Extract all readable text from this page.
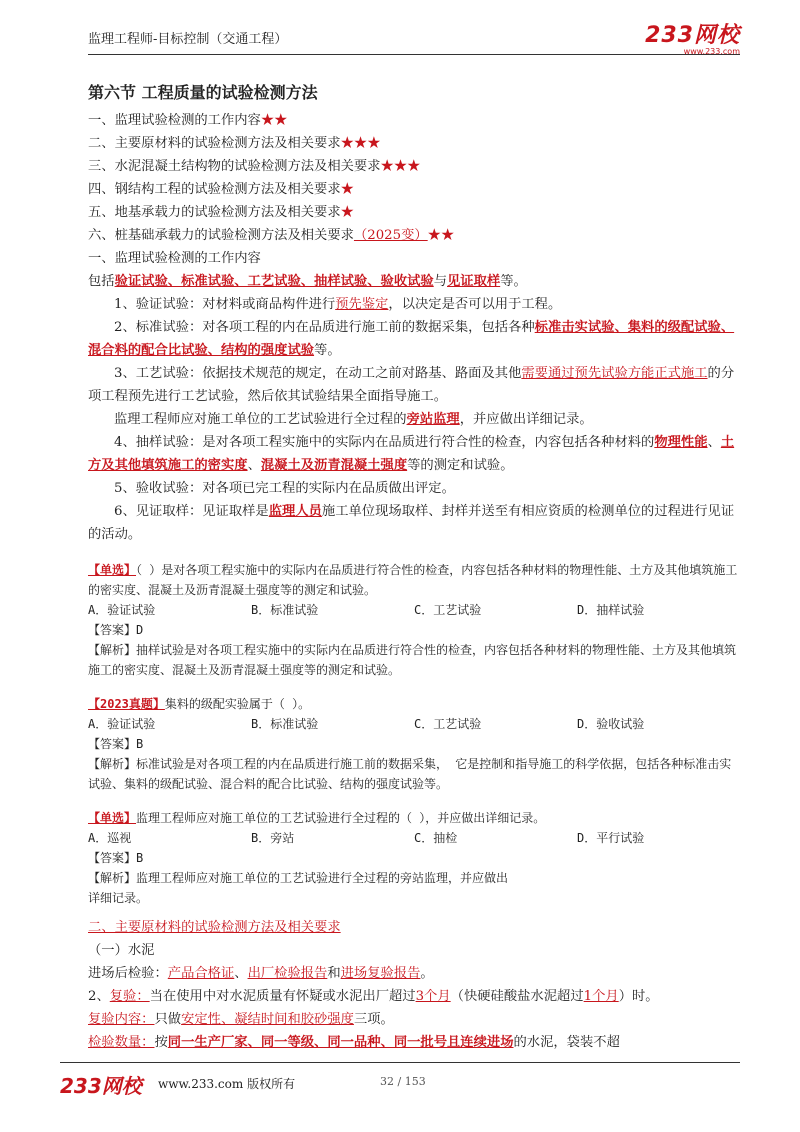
监理工程师-目标控制（交通工程）	233网校
www.233.com
第六节 工程质量的试验检测方法
一、监理试验检测的工作内容★★
二、主要原材料的试验检测方法及相关要求★★★
三、水泥混凝土结构物的试验检测方法及相关要求★★★
四、钢结构工程的试验检测方法及相关要求★
五、地基承载力的试验检测方法及相关要求★
六、桩基础承载力的试验检测方法及相关要求（2025变）★★
一、监理试验检测的工作内容
包括验证试验、标准试验、工艺试验、抽样试验、验收试验与见证取样等。

1、验证试验：对材料或商品构件进行预先鉴定，以决定是否可以用于工程。

2、标准试验：对各项工程的内在品质进行施工前的数据采集，包括各种标准击实试验、集料的级配试验、混合料的配合比试验、结构的强度试验等。

3、工艺试验：依据技术规范的规定，在动工之前对路基、路面及其他需要通过预先试验方能正式施工的分项工程预先进行工艺试验，然后依其试验结果全面指导施工。

监理工程师应对施工单位的工艺试验进行全过程的旁站监理，并应做出详细记录。

4、抽样试验：是对各项工程实施中的实际内在品质进行符合性的检查，内容包括各种材料的物理性能、土方及其他填筑施工的密实度、混凝土及沥青混凝土强度等的测定和试验。

5、验收试验：对各项已完工程的实际内在品质做出评定。

6、见证取样：见证取样是监理人员施工单位现场取样、封样并送至有相应资质的检测单位的过程进行见证的活动。

【单选】（ ）是对各项工程实施中的实际内在品质进行符合性的检查，内容包括各种材料的物理性能、土方及其他填筑施工的密实度、混凝土及沥青混凝土强度等的测定和试验。
A．验证试验	B．标准试验	C．工艺试验	D．抽样试验
【答案】D
【解析】抽样试验是对各项工程实施中的实际内在品质进行符合性的检查，内容包括各种材料的物理性能、土方及其他填筑施工的密实度、混凝土及沥青混凝土强度等的测定和试验。
【2023真题】集料的级配实验属于（ ）。
A．验证试验	B．标准试验	C．工艺试验	D．验收试验
【答案】B
【解析】标准试验是对各项工程的内在品质进行施工前的数据采集， 它是控制和指导施工的科学依据，包括各种标准击实试验、集料的级配试验、混合料的配合比试验、结构的强度试验等。
【单选】监理工程师应对施工单位的工艺试验进行全过程的（ ），并应做出详细记录。
A．巡视	B．旁站	C．抽检	D．平行试验
【答案】B
【解析】监理工程师应对施工单位的工艺试验进行全过程的旁站监理，并应做出详细记录。
二、主要原材料的试验检测方法及相关要求
（一）水泥
进场后检验：产品合格证、出厂检验报告和进场复验报告。
2、复验：当在使用中对水泥质量有怀疑或水泥出厂超过3个月（快硬硅酸盐水泥超过1个月）时。
复验内容：只做安定性、凝结时间和胶砂强度三项。
检验数量：按同一生产厂家、同一等级、同一品种、同一批号且连续进场的水泥，袋装不超
233网校 www.233.com 版权所有	32 / 153
